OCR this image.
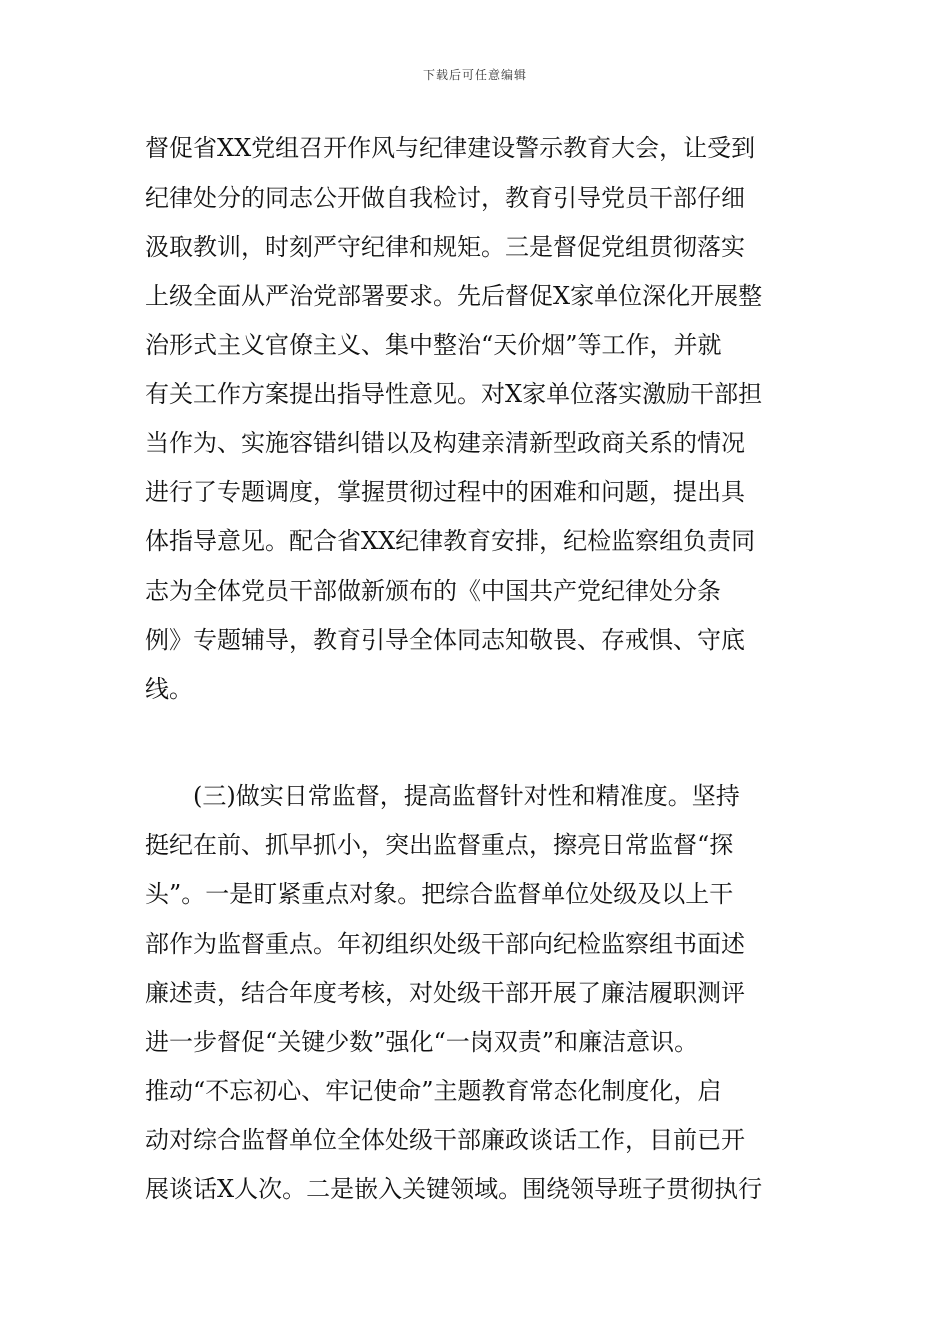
下载后可任意编辑
督促省XX党组召开作风与纪律建设警示教育大会，让受到
纪律处分的同志公开做自我检讨，教育引导党员干部仔细
汲取教训，时刻严守纪律和规矩。三是督促党组贯彻落实
上级全面从严治党部署要求。先后督促X家单位深化开展整
治形式主义官僚主义、集中整治“天价烟”等工作，并就
有关工作方案提出指导性意见。对X家单位落实激励干部担
当作为、实施容错纠错以及构建亲清新型政商关系的情况
进行了专题调度，掌握贯彻过程中的困难和问题，提出具
体指导意见。配合省XX纪律教育安排，纪检监察组负责同
志为全体党员干部做新颁布的《中国共产党纪律处分条
例》专题辅导，教育引导全体同志知敬畏、存戒惧、守底
线。
(三)做实日常监督，提高监督针对性和精准度。坚持
挺纪在前、抓早抓小，突出监督重点，擦亮日常监督“探
头”。一是盯紧重点对象。把综合监督单位处级及以上干
部作为监督重点。年初组织处级干部向纪检监察组书面述
廉述责，结合年度考核，对处级干部开展了廉洁履职测评
进一步督促“关键少数”强化“一岗双责”和廉洁意识。
推动“不忘初心、牢记使命”主题教育常态化制度化，启
动对综合监督单位全体处级干部廉政谈话工作，目前已开
展谈话X人次。二是嵌入关键领域。围绕领导班子贯彻执行
